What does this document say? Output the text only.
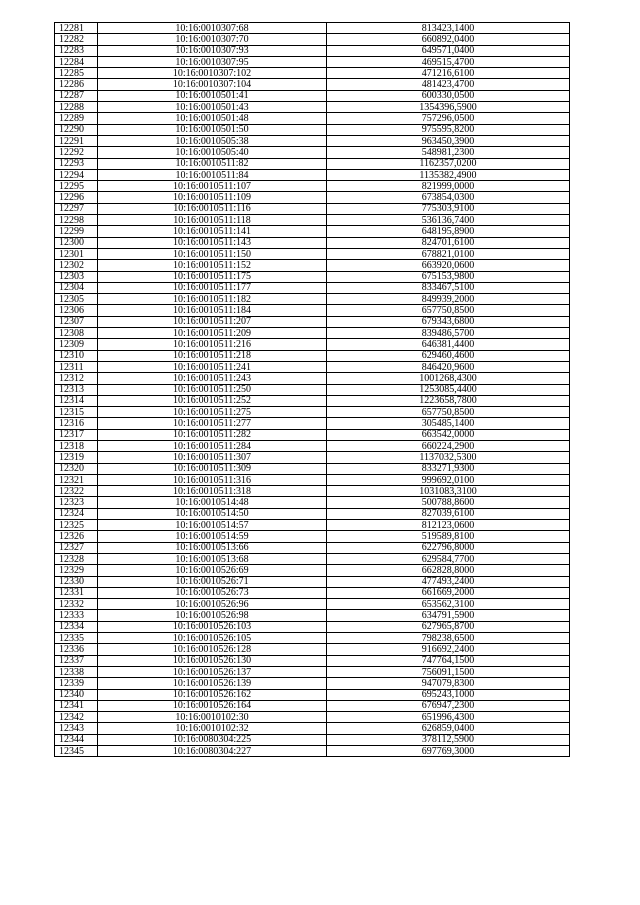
12281	10:16:0010307:68	813423,1400
12282	10:16:0010307:70	660892,0400
12283	10:16:0010307:93	649571,0400
12284	10:16:0010307:95	469515,4700
12285	10:16:0010307:102	471216,6100
12286	10:16:0010307:104	481423,4700
12287	10:16:0010501:41	600330,0500
12288	10:16:0010501:43	1354396,5900
12289	10:16:0010501:48	757296,0500
12290	10:16:0010501:50	975595,8200
12291	10:16:0010505:38	963450,3900
12292	10:16:0010505:40	548981,2300
12293	10:16:0010511:82	1162357,0200
12294	10:16:0010511:84	1135382,4900
12295	10:16:0010511:107	821999,0000
12296	10:16:0010511:109	673854,0300
12297	10:16:0010511:116	775303,9100
12298	10:16:0010511:118	536136,7400
12299	10:16:0010511:141	648195,8900
12300	10:16:0010511:143	824701,6100
12301	10:16:0010511:150	678821,0100
12302	10:16:0010511:152	663920,0600
12303	10:16:0010511:175	675153,9800
12304	10:16:0010511:177	833467,5100
12305	10:16:0010511:182	849939,2000
12306	10:16:0010511:184	657750,8500
12307	10:16:0010511:207	679343,6800
12308	10:16:0010511:209	839486,5700
12309	10:16:0010511:216	646381,4400
12310	10:16:0010511:218	629460,4600
12311	10:16:0010511:241	846420,9600
12312	10:16:0010511:243	1001268,4300
12313	10:16:0010511:250	1253085,4400
12314	10:16:0010511:252	1223658,7800
12315	10:16:0010511:275	657750,8500
12316	10:16:0010511:277	305485,1400
12317	10:16:0010511:282	663542,0000
12318	10:16:0010511:284	660224,2900
12319	10:16:0010511:307	1137032,5300
12320	10:16:0010511:309	833271,9300
12321	10:16:0010511:316	999692,0100
12322	10:16:0010511:318	1031083,3100
12323	10:16:0010514:48	500788,8600
12324	10:16:0010514:50	827039,6100
12325	10:16:0010514:57	812123,0600
12326	10:16:0010514:59	519589,8100
12327	10:16:0010513:66	622796,8000
12328	10:16:0010513:68	629584,7700
12329	10:16:0010526:69	662828,8000
12330	10:16:0010526:71	477493,2400
12331	10:16:0010526:73	661669,2000
12332	10:16:0010526:96	653562,3100
12333	10:16:0010526:98	634791,5900
12334	10:16:0010526:103	627965,8700
12335	10:16:0010526:105	798238,6500
12336	10:16:0010526:128	916692,2400
12337	10:16:0010526:130	747764,1500
12338	10:16:0010526:137	756091,1500
12339	10:16:0010526:139	947079,8300
12340	10:16:0010526:162	695243,1000
12341	10:16:0010526:164	676947,2300
12342	10:16:0010102:30	651996,4300
12343	10:16:0010102:32	626859,0400
12344	10:16:0080304:225	378112,5900
12345	10:16:0080304:227	697769,3000
